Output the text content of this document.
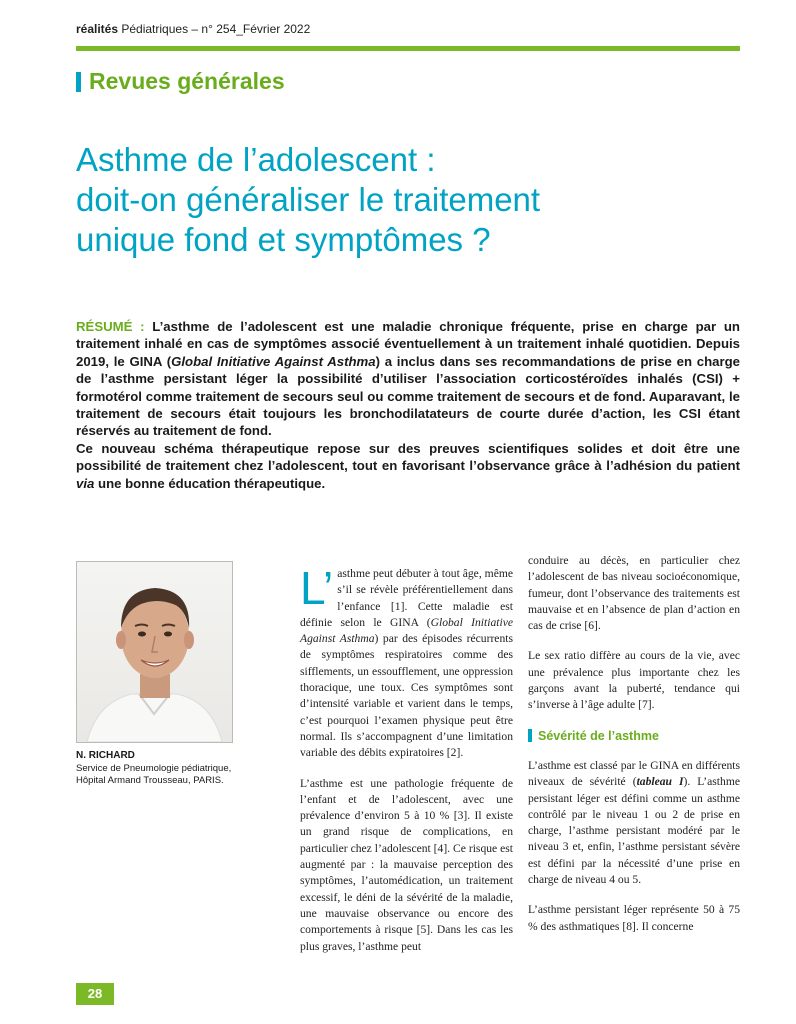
réalités Pédiatriques – n° 254_Février 2022
Revues générales
Asthme de l’adolescent :
doit-on généraliser le traitement
unique fond et symptômes ?

RÉSUMÉ : L’asthme de l’adolescent est une maladie chronique fréquente, prise en charge par un traitement inhalé en cas de symptômes associé éventuellement à un traitement inhalé quotidien. Depuis 2019, le GINA (Global Initiative Against Asthma) a inclus dans ses recommandations de prise en charge de l’asthme persistant léger la possibilité d’utiliser l’association corticostéroïdes inhalés (CSI) + formotérol comme traitement de secours seul ou comme traitement de secours et de fond. Auparavant, le traitement de secours était toujours les bronchodilatateurs de courte durée d’action, les CSI étant réservés au traitement de fond.

Ce nouveau schéma thérapeutique repose sur des preuves scientifiques solides et doit être une possibilité de traitement chez l’adolescent, tout en favorisant l’observance grâce à l’adhésion du patient via une bonne éducation thérapeutique.

N. RICHARD
Service de Pneumologie pédiatrique,
Hôpital Armand Trousseau, PARIS.

L’ asthme peut débuter à tout âge, même s’il se révèle préférentiellement dans l’enfance [1]. Cette maladie est définie selon le GINA (Global Initiative Against Asthma) par des épisodes récurrents de symptômes respiratoires comme des sifflements, un essoufflement, une oppression thoracique, une toux. Ces symptômes sont d’intensité variable et varient dans le temps, c’est pourquoi l’examen physique peut être normal. Ils s’accompagnent d’une limitation variable des débits expiratoires [2].

L’asthme est une pathologie fréquente de l’enfant et de l’adolescent, avec une prévalence d’environ 5 à 10 % [3]. Il existe un grand risque de complications, en particulier chez l’adolescent [4]. Ce risque est augmenté par : la mauvaise perception des symptômes, l’automédication, un traitement excessif, le déni de la sévérité de la maladie, une mauvaise observance ou encore des comportements à risque [5]. Dans les cas les plus graves, l’asthme peut

conduire au décès, en particulier chez l’adolescent de bas niveau socioéconomique, fumeur, dont l’observance des traitements est mauvaise et en l’absence de plan d’action en cas de crise [6].

Le sex ratio diffère au cours de la vie, avec une prévalence plus importante chez les garçons avant la puberté, tendance qui s’inverse à l’âge adulte [7].

Sévérité de l’asthme

L’asthme est classé par le GINA en différents niveaux de sévérité (tableau I). L’asthme persistant léger est défini comme un asthme contrôlé par le niveau 1 ou 2 de prise en charge, l’asthme persistant modéré par le niveau 3 et, enfin, l’asthme persistant sévère est défini par la nécessité d’une prise en charge de niveau 4 ou 5.

L’asthme persistant léger représente 50 à 75 % des asthmatiques [8]. Il concerne

28
